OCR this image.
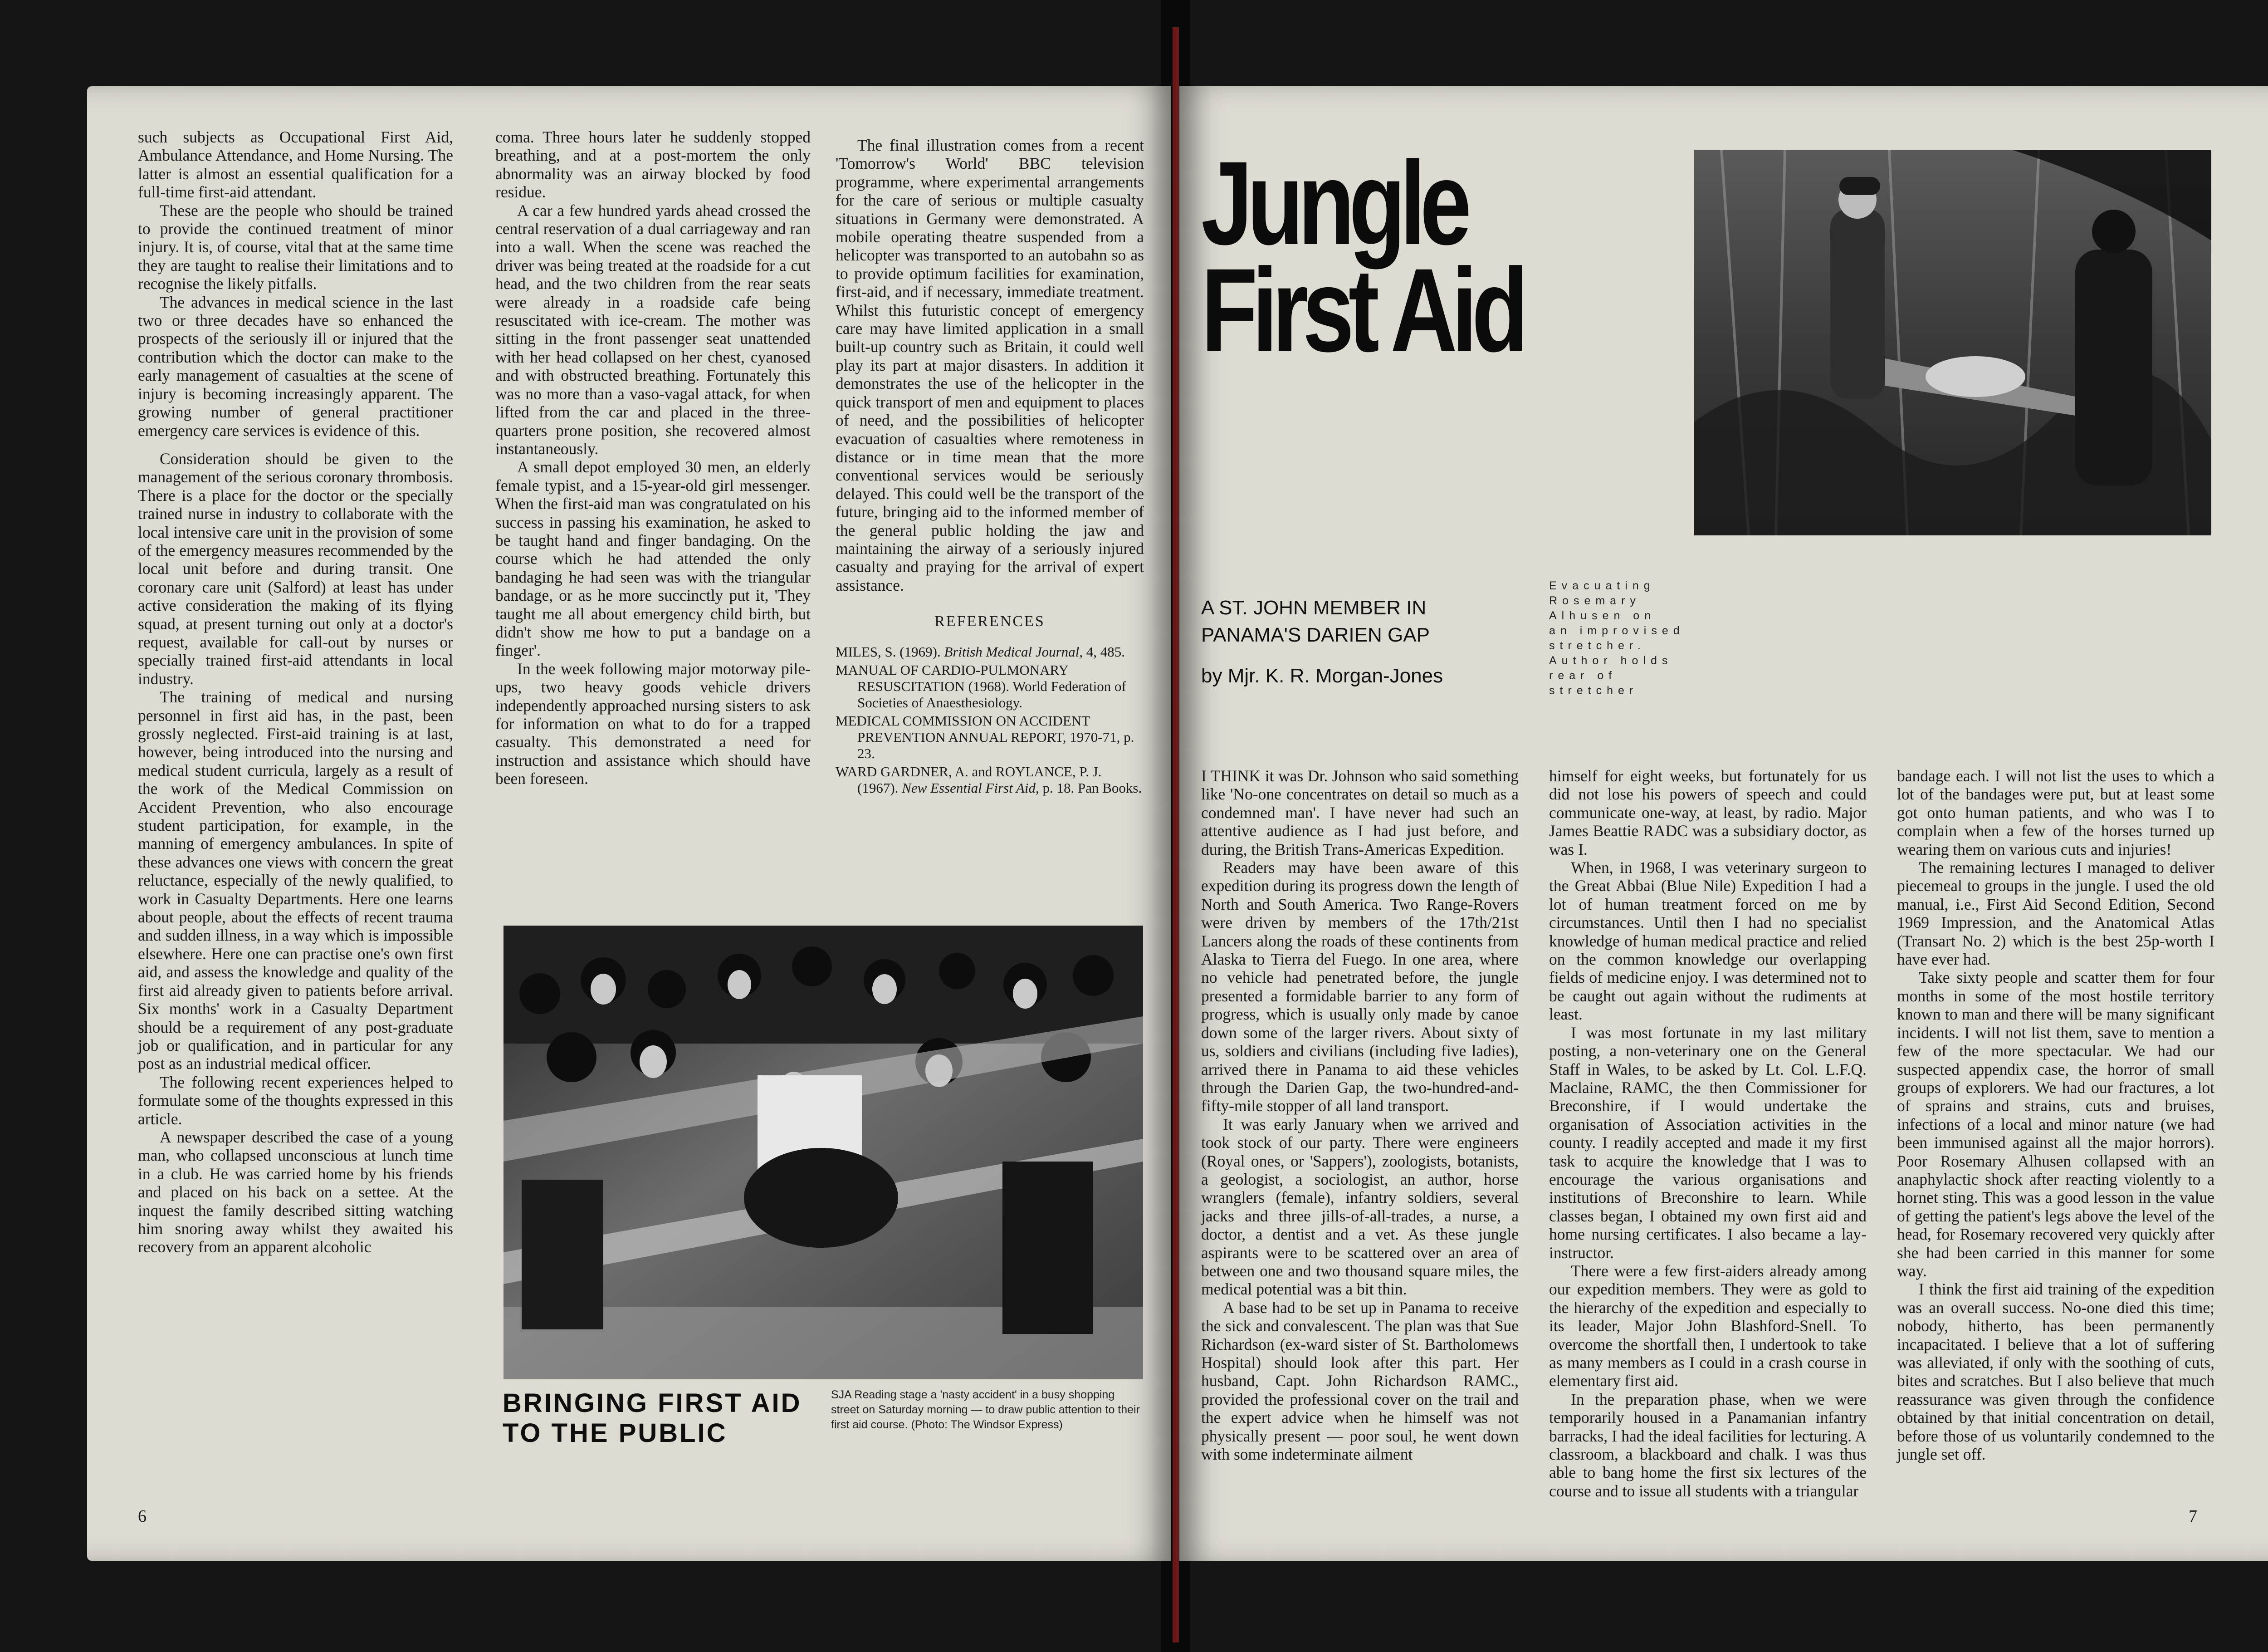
such subjects as Occupational First Aid, Ambulance Attendance, and Home Nursing. The latter is almost an essential qualification for a full-time first-aid attendant.

These are the people who should be trained to provide the continued treatment of minor injury. It is, of course, vital that at the same time they are taught to realise their limitations and to recognise the likely pitfalls.

The advances in medical science in the last two or three decades have so enhanced the prospects of the seriously ill or injured that the contribution which the doctor can make to the early management of casualties at the scene of injury is becoming increasingly apparent. The growing number of general practitioner emergency care services is evidence of this.

Consideration should be given to the management of the serious coronary thrombosis. There is a place for the doctor or the specially trained nurse in industry to collaborate with the local intensive care unit in the provision of some of the emergency measures recommended by the local unit before and during transit. One coronary care unit (Salford) at least has under active consideration the making of its flying squad, at present turning out only at a doctor's request, available for call-out by nurses or specially trained first-aid attendants in local industry.

The training of medical and nursing personnel in first aid has, in the past, been grossly neglected. First-aid training is at last, however, being introduced into the nursing and medical student curricula, largely as a result of the work of the Medical Commission on Accident Prevention, who also encourage student participation, for example, in the manning of emergency ambulances. In spite of these advances one views with concern the great reluctance, especially of the newly qualified, to work in Casualty Departments. Here one learns about people, about the effects of recent trauma and sudden illness, in a way which is impossible elsewhere. Here one can practise one's own first aid, and assess the knowledge and quality of the first aid already given to patients before arrival. Six months' work in a Casualty Department should be a requirement of any post-graduate job or qualification, and in particular for any post as an industrial medical officer.

The following recent experiences helped to formulate some of the thoughts expressed in this article.

A newspaper described the case of a young man, who collapsed unconscious at lunch time in a club. He was carried home by his friends and placed on his back on a settee. At the inquest the family described sitting watching him snoring away whilst they awaited his recovery from an apparent alcoholic

coma. Three hours later he suddenly stopped breathing, and at a post-mortem the only abnormality was an airway blocked by food residue.

A car a few hundred yards ahead crossed the central reservation of a dual carriageway and ran into a wall. When the scene was reached the driver was being treated at the roadside for a cut head, and the two children from the rear seats were already in a roadside cafe being resuscitated with ice-cream. The mother was sitting in the front passenger seat unattended with her head collapsed on her chest, cyanosed and with obstructed breathing. Fortunately this was no more than a vaso-vagal attack, for when lifted from the car and placed in the three-quarters prone position, she recovered almost instantaneously.

A small depot employed 30 men, an elderly female typist, and a 15-year-old girl messenger. When the first-aid man was congratulated on his success in passing his examination, he asked to be taught hand and finger bandaging. On the course which he had attended the only bandaging he had seen was with the triangular bandage, or as he more succinctly put it, 'They taught me all about emergency child birth, but didn't show me how to put a bandage on a finger'.

In the week following major motorway pile-ups, two heavy goods vehicle drivers independently approached nursing sisters to ask for information on what to do for a trapped casualty. This demonstrated a need for instruction and assistance which should have been foreseen.

The final illustration comes from a recent 'Tomorrow's World' BBC television programme, where experimental arrangements for the care of serious or multiple casualty situations in Germany were demonstrated. A mobile operating theatre suspended from a helicopter was transported to an autobahn so as to provide optimum facilities for examination, first-aid, and if necessary, immediate treatment. Whilst this futuristic concept of emergency care may have limited application in a small built-up country such as Britain, it could well play its part at major disasters. In addition it demonstrates the use of the helicopter in the quick transport of men and equipment to places of need, and the possibilities of helicopter evacuation of casualties where remoteness in distance or in time mean that the more conventional services would be seriously delayed. This could well be the transport of the future, bringing aid to the informed member of the general public holding the jaw and maintaining the airway of a seriously injured casualty and praying for the arrival of expert assistance.

REFERENCES
MILES, S. (1969). British Medical Journal, 4, 485.
MANUAL OF CARDIO-PULMONARY RESUSCITATION (1968). World Federation of Societies of Anaesthesiology.
MEDICAL COMMISSION ON ACCIDENT PREVENTION ANNUAL REPORT, 1970-71, p. 23.
WARD GARDNER, A. and ROYLANCE, P. J. (1967). New Essential First Aid, p. 18. Pan Books.
BRINGING FIRST AID TO THE PUBLIC
SJA Reading stage a 'nasty accident' in a busy shopping street on Saturday morning — to draw public attention to their first aid course. (Photo: The Windsor Express)
6
Jungle
First Aid
A ST. JOHN MEMBER IN PANAMA'S DARIEN GAP
by Mjr. K. R. Morgan-Jones
Evacuating Rosemary Alhusen on an improvised stretcher. Author holds rear of stretcher

I THINK it was Dr. Johnson who said something like 'No-one concentrates on detail so much as a condemned man'. I have never had such an attentive audience as I had just before, and during, the British Trans-Americas Expedition.

Readers may have been aware of this expedition during its progress down the length of North and South America. Two Range-Rovers were driven by members of the 17th/21st Lancers along the roads of these continents from Alaska to Tierra del Fuego. In one area, where no vehicle had penetrated before, the jungle presented a formidable barrier to any form of progress, which is usually only made by canoe down some of the larger rivers. About sixty of us, soldiers and civilians (including five ladies), arrived there in Panama to aid these vehicles through the Darien Gap, the two-hundred-and-fifty-mile stopper of all land transport.

It was early January when we arrived and took stock of our party. There were engineers (Royal ones, or 'Sappers'), zoologists, botanists, a geologist, a sociologist, an author, horse wranglers (female), infantry soldiers, several jacks and three jills-of-all-trades, a nurse, a doctor, a dentist and a vet. As these jungle aspirants were to be scattered over an area of between one and two thousand square miles, the medical potential was a bit thin.

A base had to be set up in Panama to receive the sick and convalescent. The plan was that Sue Richardson (ex-ward sister of St. Bartholomews Hospital) should look after this part. Her husband, Capt. John Richardson RAMC., provided the professional cover on the trail and the expert advice when he himself was not physically present — poor soul, he went down with some indeterminate ailment

himself for eight weeks, but fortunately for us did not lose his powers of speech and could communicate one-way, at least, by radio. Major James Beattie RADC was a subsidiary doctor, as was I.

When, in 1968, I was veterinary surgeon to the Great Abbai (Blue Nile) Expedition I had a lot of human treatment forced on me by circumstances. Until then I had no specialist knowledge of human medical practice and relied on the common knowledge our overlapping fields of medicine enjoy. I was determined not to be caught out again without the rudiments at least.

I was most fortunate in my last military posting, a non-veterinary one on the General Staff in Wales, to be asked by Lt. Col. L.F.Q. Maclaine, RAMC, the then Commissioner for Breconshire, if I would undertake the organisation of Association activities in the county. I readily accepted and made it my first task to acquire the knowledge that I was to encourage the various organisations and institutions of Breconshire to learn. While classes began, I obtained my own first aid and home nursing certificates. I also became a lay-instructor.

There were a few first-aiders already among our expedition members. They were as gold to the hierarchy of the expedition and especially to its leader, Major John Blashford-Snell. To overcome the shortfall then, I undertook to take as many members as I could in a crash course in elementary first aid.

In the preparation phase, when we were temporarily housed in a Panamanian infantry barracks, I had the ideal facilities for lecturing. A classroom, a blackboard and chalk. I was thus able to bang home the first six lectures of the course and to issue all students with a triangular

bandage each. I will not list the uses to which a lot of the bandages were put, but at least some got onto human patients, and who was I to complain when a few of the horses turned up wearing them on various cuts and injuries!

The remaining lectures I managed to deliver piecemeal to groups in the jungle. I used the old manual, i.e., First Aid Second Edition, Second 1969 Impression, and the Anatomical Atlas (Transart No. 2) which is the best 25p-worth I have ever had.

Take sixty people and scatter them for four months in some of the most hostile territory known to man and there will be many significant incidents. I will not list them, save to mention a few of the more spectacular. We had our suspected appendix case, the horror of small groups of explorers. We had our fractures, a lot of sprains and strains, cuts and bruises, infections of a local and minor nature (we had been immunised against all the major horrors). Poor Rosemary Alhusen collapsed with an anaphylactic shock after reacting violently to a hornet sting. This was a good lesson in the value of getting the patient's legs above the level of the head, for Rosemary recovered very quickly after she had been carried in this manner for some way.

I think the first aid training of the expedition was an overall success. No-one died this time; nobody, hitherto, has been permanently incapacitated. I believe that a lot of suffering was alleviated, if only with the soothing of cuts, bites and scratches. But I also believe that much reassurance was given through the confidence obtained by that initial concentration on detail, before those of us voluntarily condemned to the jungle set off.

7
